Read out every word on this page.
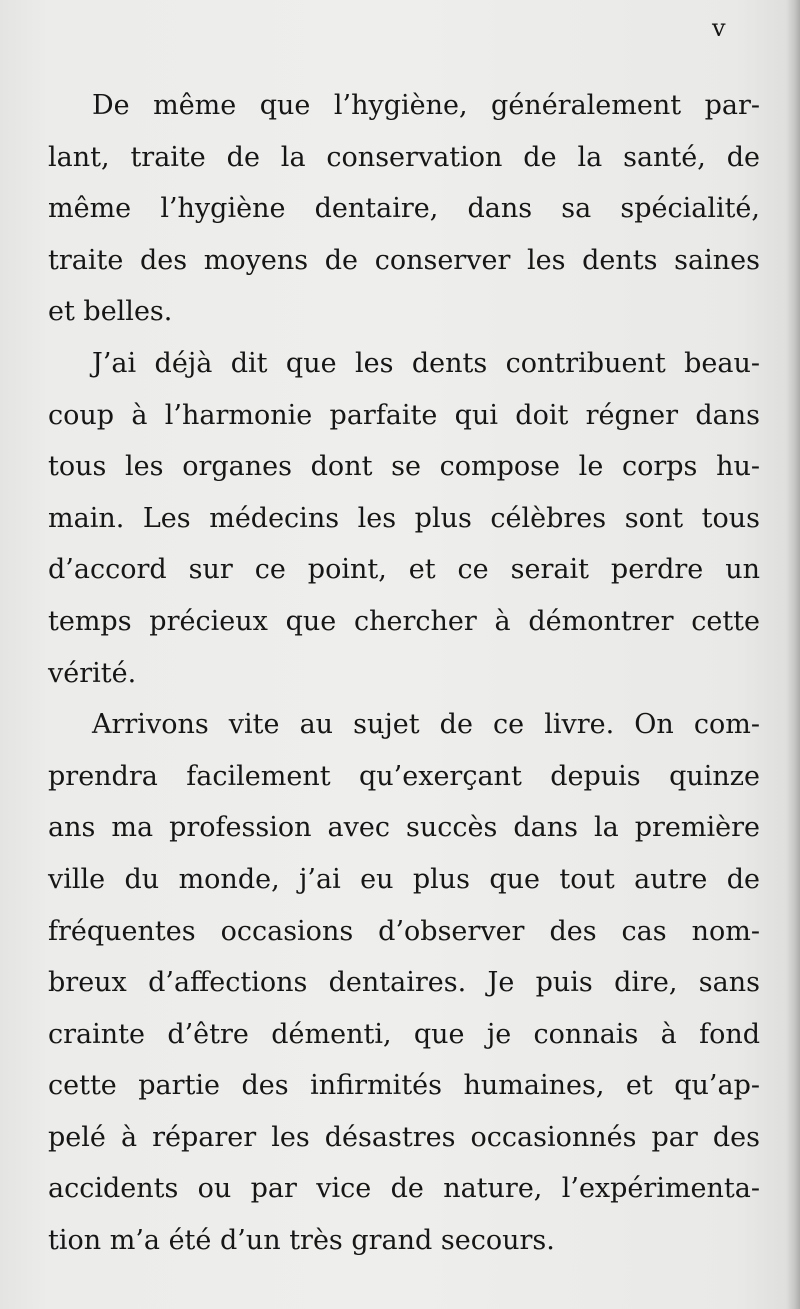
v

De même que l’hygiène, généralement par-
lant, traite de la conservation de la santé, de
même l’hygiène dentaire, dans sa spécialité,
traite des moyens de conserver les dents saines
et belles.

J’ai déjà dit que les dents contribuent beau-
coup à l’harmonie parfaite qui doit régner dans
tous les organes dont se compose le corps hu-
main. Les médecins les plus célèbres sont tous
d’accord sur ce point, et ce serait perdre un
temps précieux que chercher à démontrer cette
vérité.

Arrivons vite au sujet de ce livre. On com-
prendra facilement qu’exerçant depuis quinze
ans ma profession avec succès dans la première
ville du monde, j’ai eu plus que tout autre de
fréquentes occasions d’observer des cas nom-
breux d’affections dentaires. Je puis dire, sans
crainte d’être démenti, que je connais à fond
cette partie des infirmités humaines, et qu’ap-
pelé à réparer les désastres occasionnés par des
accidents ou par vice de nature, l’expérimenta-
tion m’a été d’un très grand secours.
